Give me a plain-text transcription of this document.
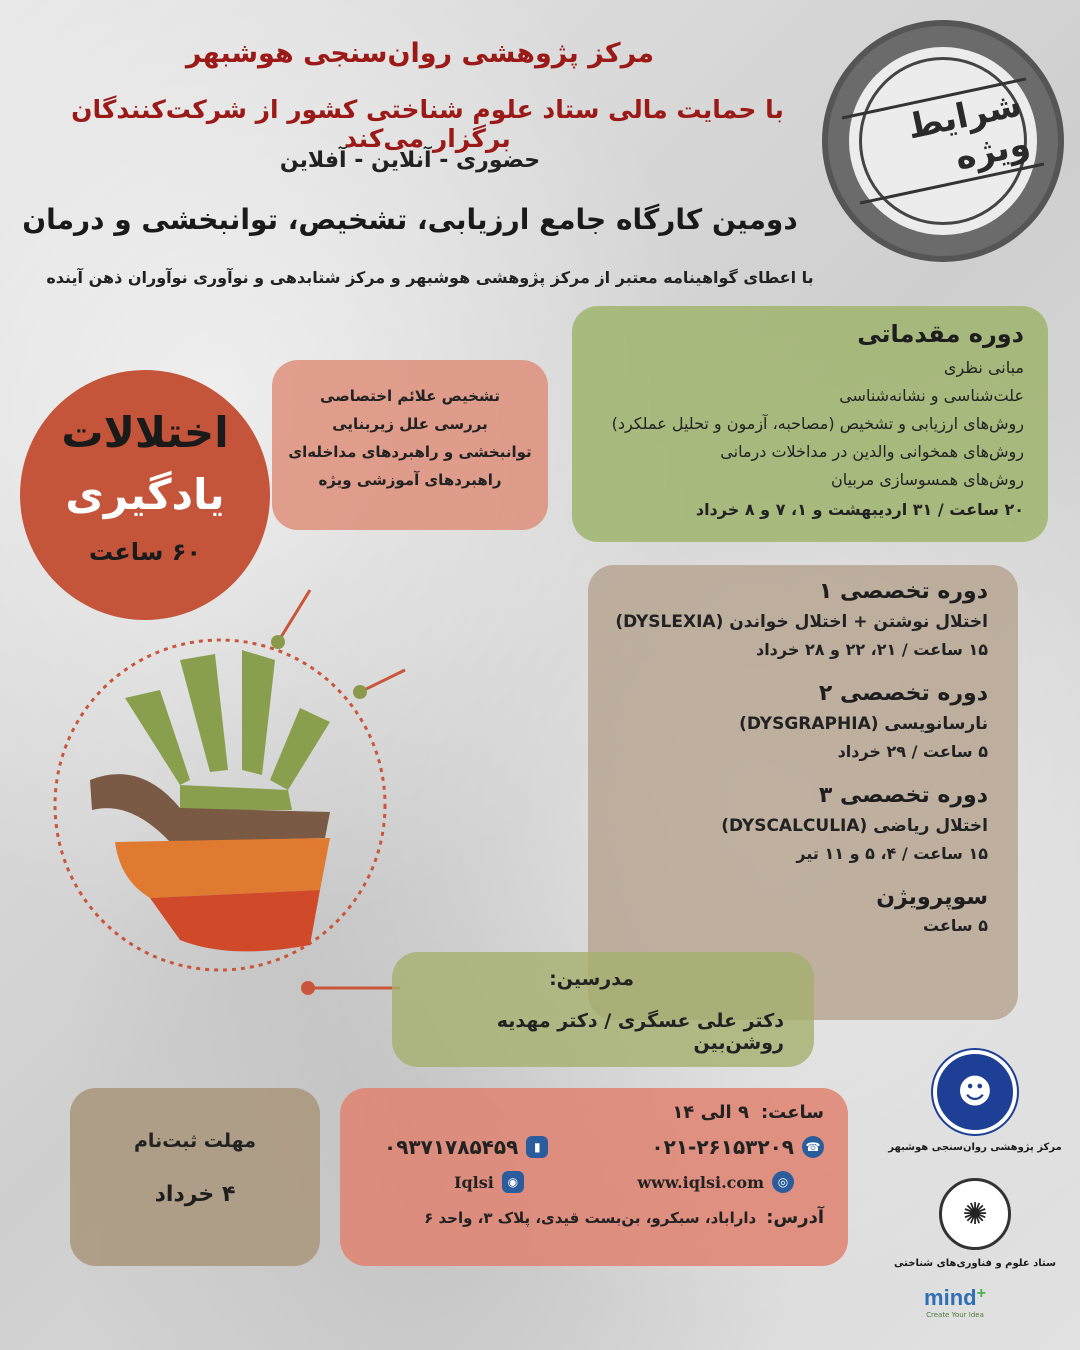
مرکز پژوهشی روان‌سنجی هوشبهر
با حمایت مالی ستاد علوم شناختی کشور از شرکت‌کنندگان برگزار می‌کند
حضوری - آنلاین - آفلاین
دومین کارگاه جامع ارزیابی، تشخیص، توانبخشی و درمان
با اعطای گواهینامه معتبر از مرکز پژوهشی هوشبهر و مرکز شتابدهی و نوآوری نوآوران ذهن آینده
شرایط ویژه
دوره مقدماتی
مبانی نظری
علت‌شناسی و نشانه‌شناسی
روش‌های ارزیابی و تشخیص (مصاحبه، آزمون و تحلیل عملکرد)
روش‌های همخوانی والدین در مداخلات درمانی
روش‌های همسوسازی مربیان
۲۰ ساعت / ۳۱ اردیبهشت و ۱، ۷ و ۸ خرداد
تشخیص علائم اختصاصی
بررسی علل زیربنایی
توانبخشی و راهبردهای مداخله‌ای
راهبردهای آموزشی ویژه
اختلالات
یادگیری
۶۰ ساعت
دوره تخصصی ۱
اختلال نوشتن + اختلال خواندن (DYSLEXIA)
۱۵ ساعت / ۲۱، ۲۲ و ۲۸ خرداد
دوره تخصصی ۲
نارسانویسی (DYSGRAPHIA)
۵ ساعت / ۲۹ خرداد
دوره تخصصی ۳
اختلال ریاضی (DYSCALCULIA)
۱۵ ساعت / ۴، ۵ و ۱۱ تیر
سوپرویژن
۵ ساعت
مدرسین:
دکتر علی عسگری / دکتر مهدیه روشن‌بین
مهلت ثبت‌نام
۴ خرداد
ساعت:
۹ الی ۱۴
☎
۰۲۱-۲۶۱۵۳۲۰۹
▮
۰۹۳۷۱۷۸۵۴۵۹
◎
www.iqlsi.com
◉
Iqlsi
آدرس:
داراباد، سبکرو، بن‌بست قیدی، پلاک ۳، واحد ۶
☻
مرکز پژوهشی روان‌سنجی هوشبهر
✺
ستاد علوم و فناوری‌های شناختی
mind+
Create Your Idea
